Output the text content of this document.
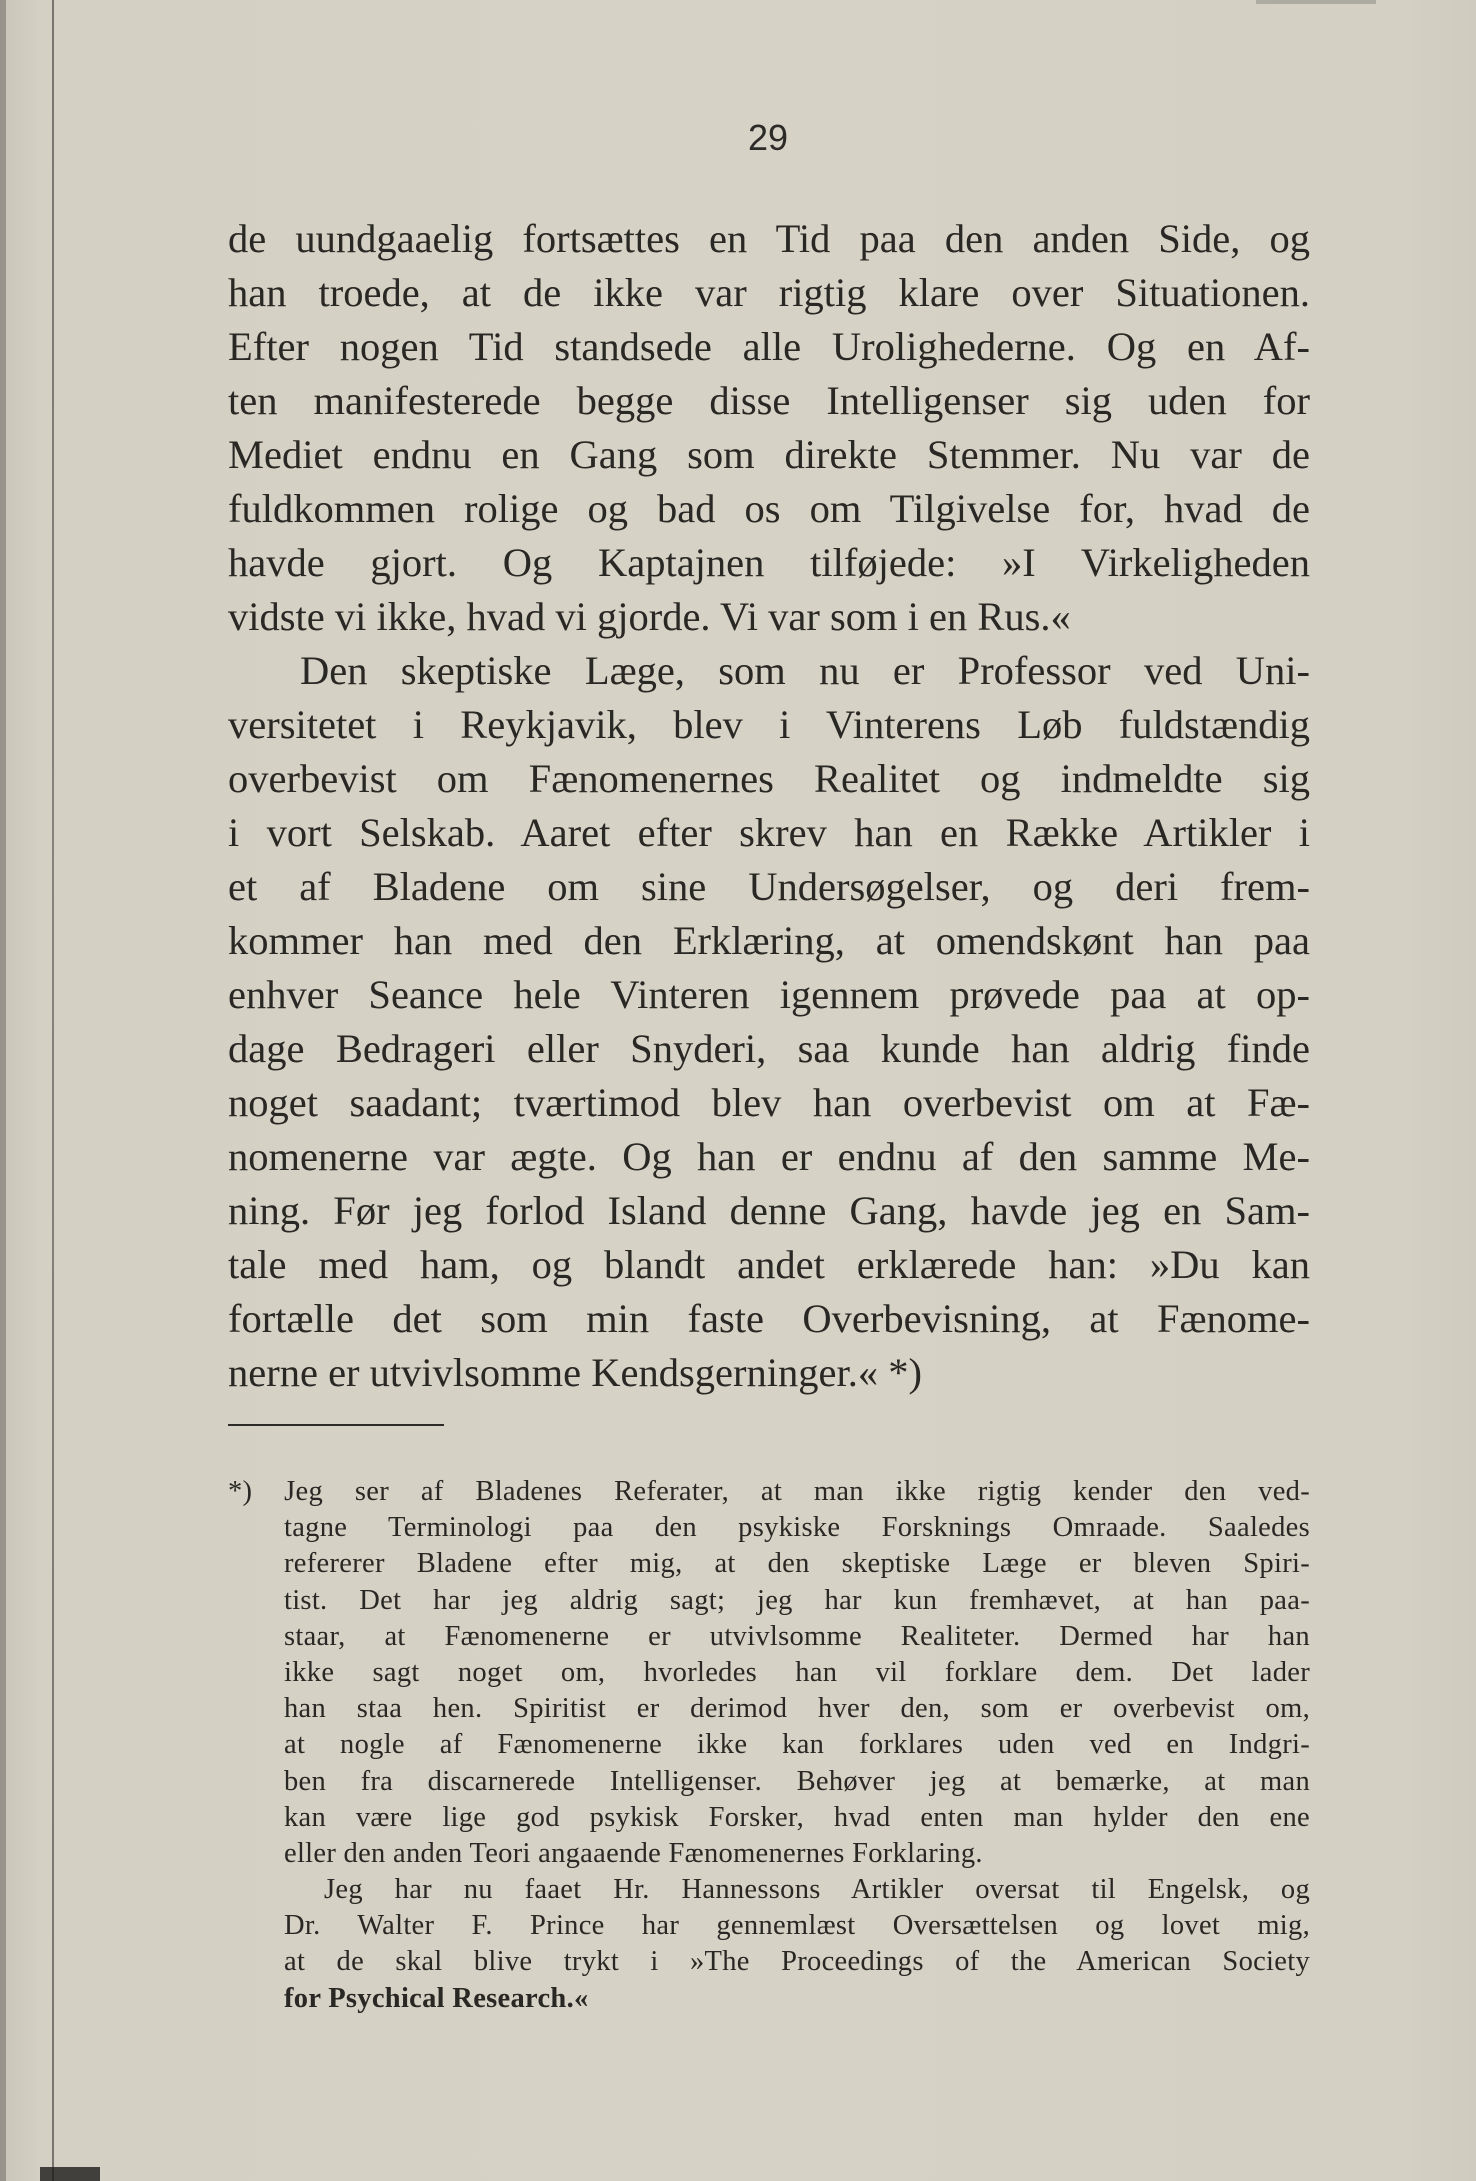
29
de uundgaaelig fortsættes en Tid paa den anden Side, og
han troede, at de ikke var rigtig klare over Situationen.
Efter nogen Tid standsede alle Urolighederne. Og en Af-
ten manifesterede begge disse Intelligenser sig uden for
Mediet endnu en Gang som direkte Stemmer. Nu var de
fuldkommen rolige og bad os om Tilgivelse for, hvad de
havde gjort. Og Kaptajnen tilføjede: »I Virkeligheden
vidste vi ikke, hvad vi gjorde. Vi var som i en Rus.«
Den skeptiske Læge, som nu er Professor ved Uni-
versitetet i Reykjavik, blev i Vinterens Løb fuldstændig
overbevist om Fænomenernes Realitet og indmeldte sig
i vort Selskab. Aaret efter skrev han en Række Artikler i
et af Bladene om sine Undersøgelser, og deri frem-
kommer han med den Erklæring, at omendskønt han paa
enhver Seance hele Vinteren igennem prøvede paa at op-
dage Bedrageri eller Snyderi, saa kunde han aldrig finde
noget saadant; tværtimod blev han overbevist om at Fæ-
nomenerne var ægte. Og han er endnu af den samme Me-
ning. Før jeg forlod Island denne Gang, havde jeg en Sam-
tale med ham, og blandt andet erklærede han: »Du kan
fortælle det som min faste Overbevisning, at Fænome-
nerne er utvivlsomme Kendsgerninger.« *)
*) Jeg ser af Bladenes Referater, at man ikke rigtig kender den ved-
tagne Terminologi paa den psykiske Forsknings Omraade. Saaledes
refererer Bladene efter mig, at den skeptiske Læge er bleven Spiri-
tist. Det har jeg aldrig sagt; jeg har kun fremhævet, at han paa-
staar, at Fænomenerne er utvivlsomme Realiteter. Dermed har han
ikke sagt noget om, hvorledes han vil forklare dem. Det lader
han staa hen. Spiritist er derimod hver den, som er overbevist om,
at nogle af Fænomenerne ikke kan forklares uden ved en Indgri-
ben fra discarnerede Intelligenser. Behøver jeg at bemærke, at man
kan være lige god psykisk Forsker, hvad enten man hylder den ene
eller den anden Teori angaaende Fænomenernes Forklaring.
Jeg har nu faaet Hr. Hannessons Artikler oversat til Engelsk, og
Dr. Walter F. Prince har gennemlæst Oversættelsen og lovet mig,
at de skal blive trykt i »The Proceedings of the American Society
for Psychical Research.«
